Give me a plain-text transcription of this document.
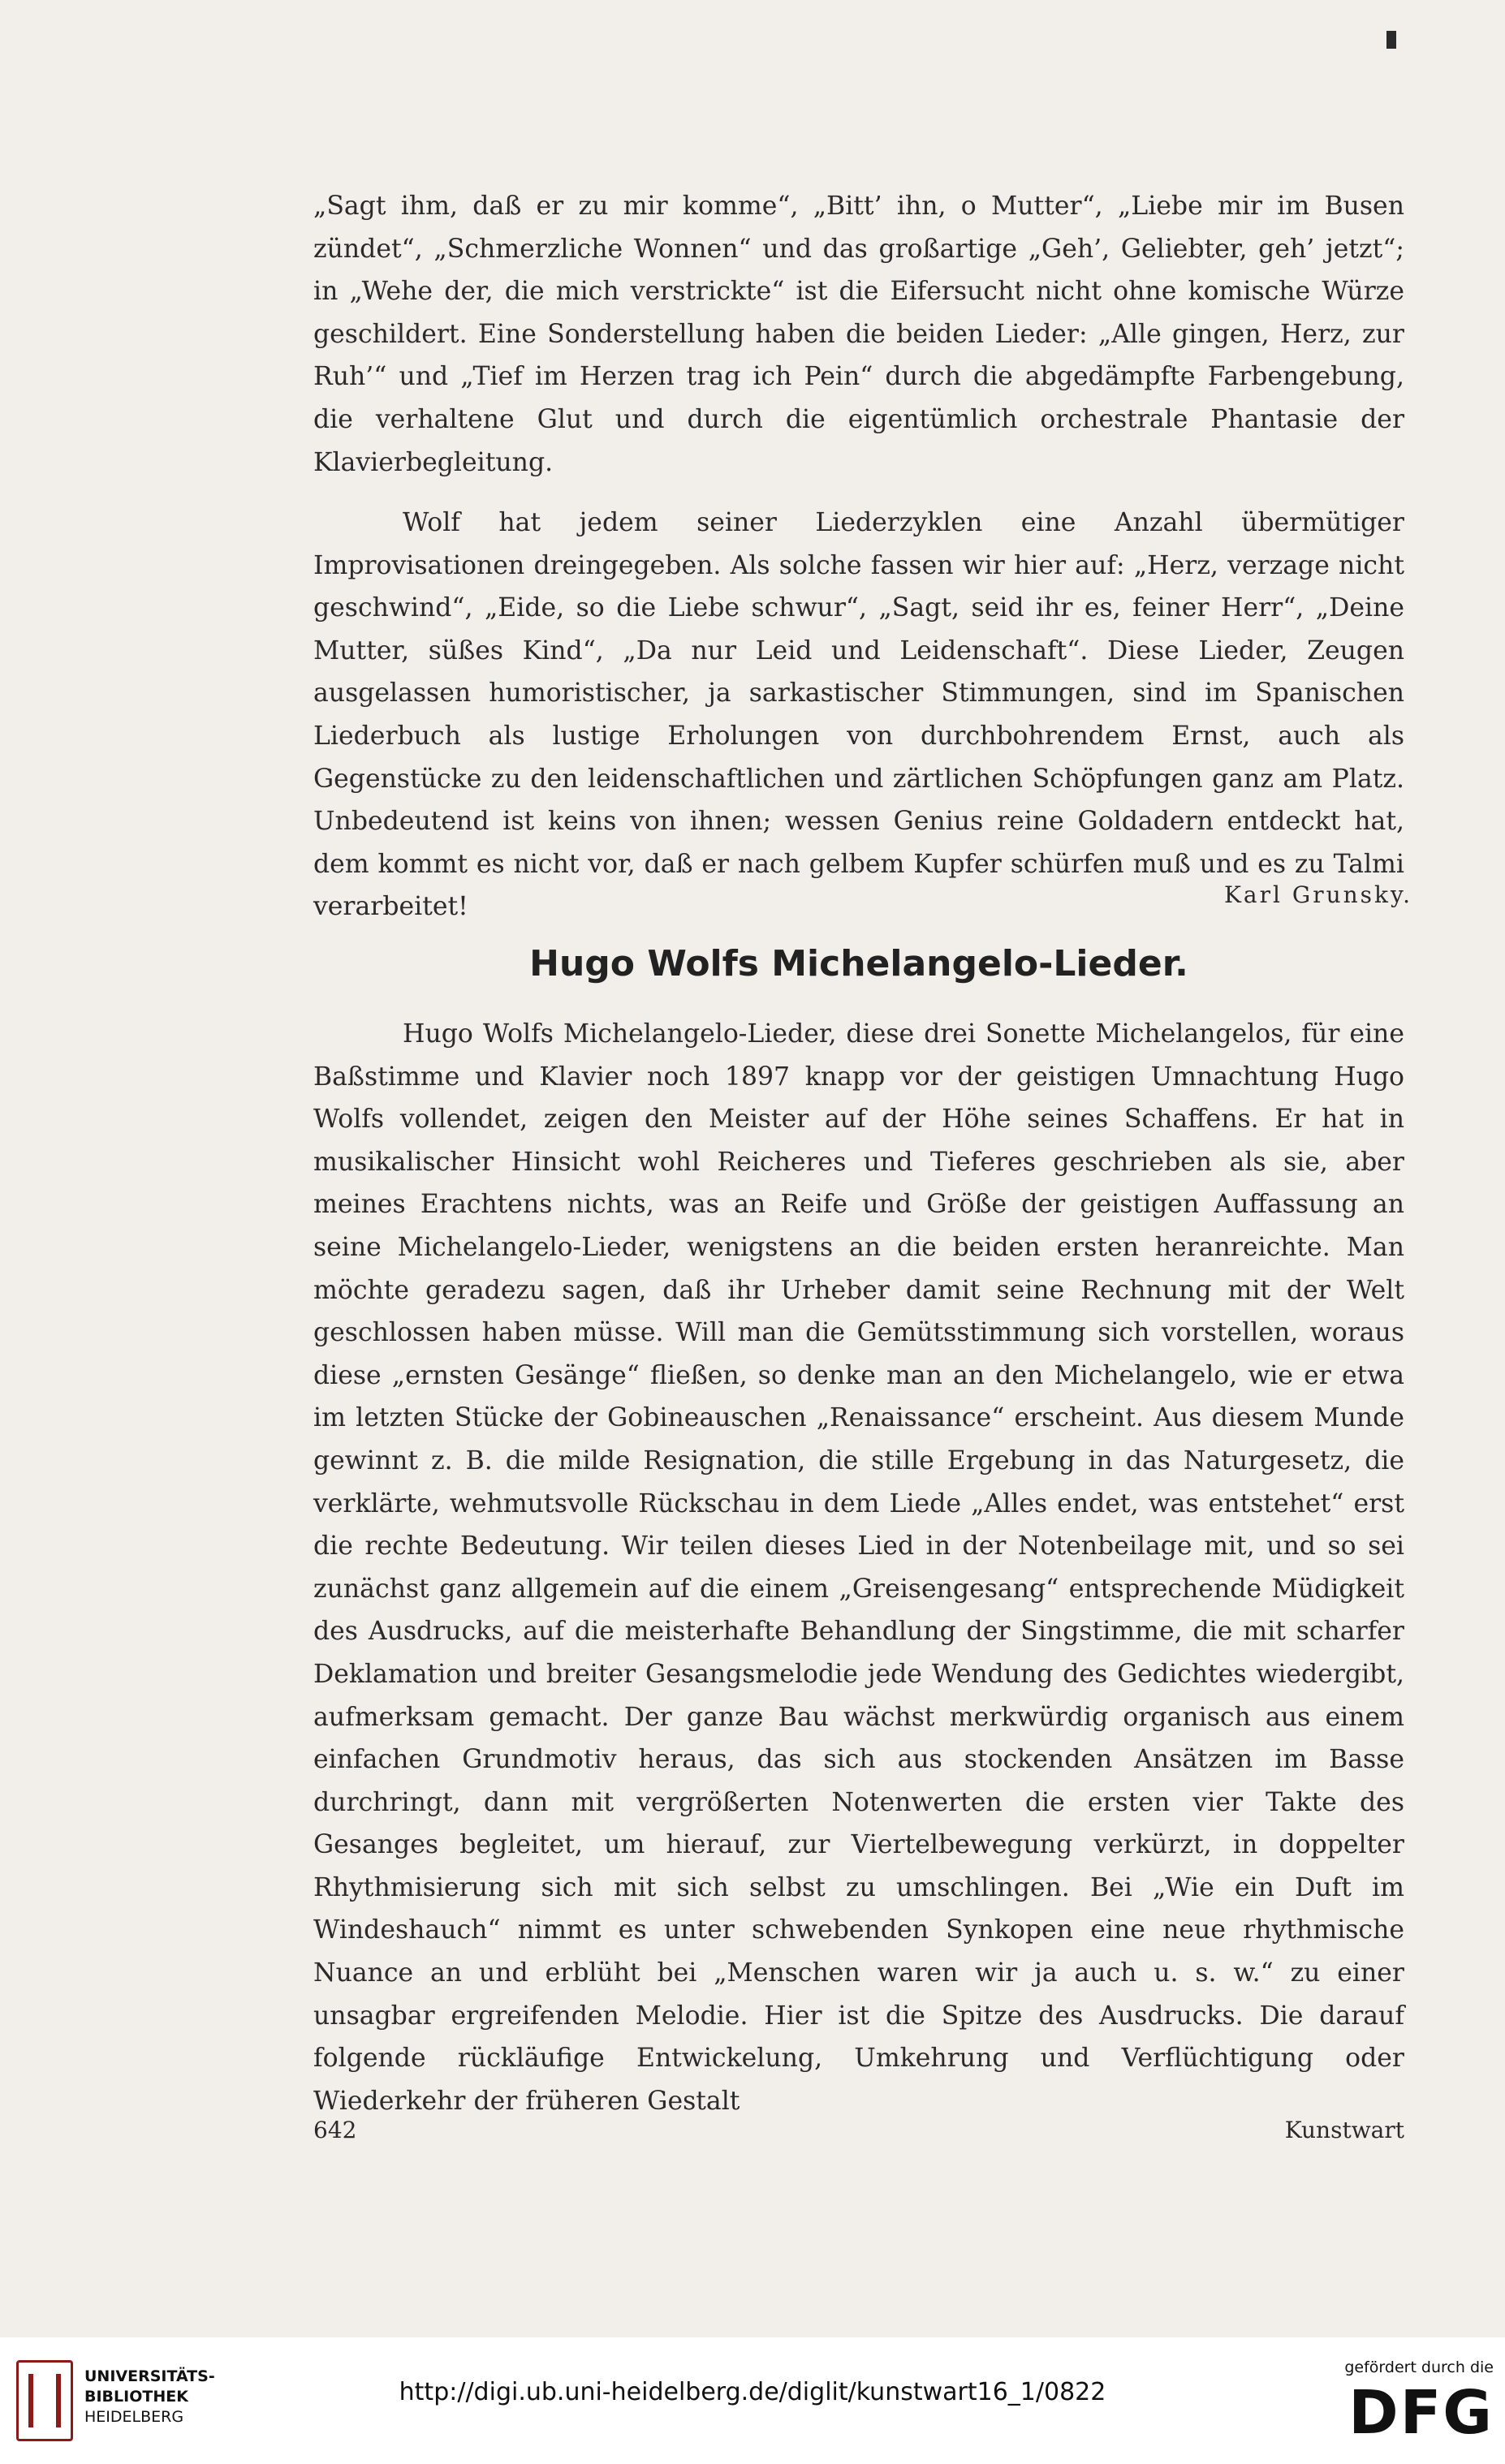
„Sagt ihm, daß er zu mir komme“, „Bitt’ ihn, o Mutter“, „Liebe mir im Busen zündet“, „Schmerzliche Wonnen“ und das großartige „Geh’, Geliebter, geh’ jetzt“; in „Wehe der, die mich verstrickte“ ist die Eifersucht nicht ohne komische Würze geschildert. Eine Sonderstellung haben die beiden Lieder: „Alle gingen, Herz, zur Ruh’“ und „Tief im Herzen trag ich Pein“ durch die abgedämpfte Farbengebung, die verhaltene Glut und durch die eigentümlich orchestrale Phantasie der Klavierbegleitung.

Wolf hat jedem seiner Liederzyklen eine Anzahl übermütiger Improvisationen dreingegeben. Als solche fassen wir hier auf: „Herz, verzage nicht geschwind“, „Eide, so die Liebe schwur“, „Sagt, seid ihr es, feiner Herr“, „Deine Mutter, süßes Kind“, „Da nur Leid und Leidenschaft“. Diese Lieder, Zeugen ausgelassen humoristischer, ja sarkastischer Stimmungen, sind im Spanischen Liederbuch als lustige Erholungen von durchbohrendem Ernst, auch als Gegenstücke zu den leidenschaftlichen und zärtlichen Schöpfungen ganz am Platz. Unbedeutend ist keins von ihnen; wessen Genius reine Goldadern entdeckt hat, dem kommt es nicht vor, daß er nach gelbem Kupfer schürfen muß und es zu Talmi verarbeitet!	Karl Grunsky.
Hugo Wolfs Michelangelo-Lieder.

Hugo Wolfs Michelangelo-Lieder, diese drei Sonette Michelangelos, für eine Baßstimme und Klavier noch 1897 knapp vor der geistigen Umnachtung Hugo Wolfs vollendet, zeigen den Meister auf der Höhe seines Schaffens. Er hat in musikalischer Hinsicht wohl Reicheres und Tieferes geschrieben als sie, aber meines Erachtens nichts, was an Reife und Größe der geistigen Auffassung an seine Michelangelo-Lieder, wenigstens an die beiden ersten heranreichte. Man möchte geradezu sagen, daß ihr Urheber damit seine Rechnung mit der Welt geschlossen haben müsse. Will man die Gemütsstimmung sich vorstellen, woraus diese „ernsten Gesänge“ fließen, so denke man an den Michelangelo, wie er etwa im letzten Stücke der Gobineauschen „Renaissance“ erscheint. Aus diesem Munde gewinnt z. B. die milde Resignation, die stille Ergebung in das Naturgesetz, die verklärte, wehmutsvolle Rückschau in dem Liede „Alles endet, was entstehet“ erst die rechte Bedeutung. Wir teilen dieses Lied in der Notenbeilage mit, und so sei zunächst ganz allgemein auf die einem „Greisengesang“ entsprechende Müdigkeit des Ausdrucks, auf die meisterhafte Behandlung der Singstimme, die mit scharfer Deklamation und breiter Gesangsmelodie jede Wendung des Gedichtes wiedergibt, aufmerksam gemacht. Der ganze Bau wächst merkwürdig organisch aus einem einfachen Grundmotiv heraus, das sich aus stockenden Ansätzen im Basse durchringt, dann mit vergrößerten Notenwerten die ersten vier Takte des Gesanges begleitet, um hierauf, zur Viertelbewegung verkürzt, in doppelter Rhythmisierung sich mit sich selbst zu umschlingen. Bei „Wie ein Duft im Windeshauch“ nimmt es unter schwebenden Synkopen eine neue rhythmische Nuance an und erblüht bei „Menschen waren wir ja auch u. s. w.“ zu einer unsagbar ergreifenden Melodie. Hier ist die Spitze des Ausdrucks. Die darauf folgende rückläufige Entwickelung, Umkehrung und Verflüchtigung oder Wiederkehr der früheren Gestalt

642	Kunstwart
UNIVERSITÄTS-
BIBLIOTHEK
HEIDELBERG
http://digi.ub.uni-heidelberg.de/diglit/kunstwart16_1/0822
gefördert durch die
DFG
